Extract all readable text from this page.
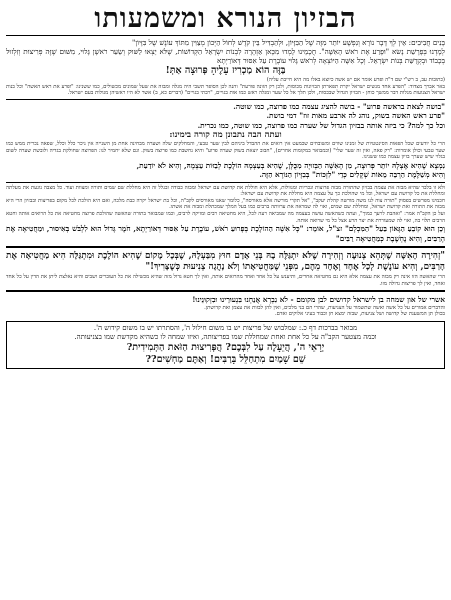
הבזיון הנורא ומשמעותו

בָּנִים חֲבִיבִים: אֵין לְךָ דָּבָר נוֹרָא וְנִפְשָׁע יוֹתֵר מִזֶּה שֶׁל הַבִּזָּיוֹן, וּלְהַבְדִּיל בֵּין קֹדֶשׁ לְחוֹל הַיְּכוֹן מְצַוִּין מִתּוֹךְ עוֹנֶשׁ שֶׁל בִּזָּיוֹן"

לְמָדְנוּ בְּפָרָשַׁת נָשׂא "וּפָרַע אֶת רֹאשׁ הָאִשָּׁה". חֲכָמֵינוּ לָמְדוּ מִכָּאן אַזְהָרָה לִבְנוֹת יִשְׂרָאֵל הַקְּדוֹשׁוֹת, שֶׁלֹּא יֵצְאוּ לַשּׁוּק וְשֵׂעַר רֹאשָׁן גָּלוּי, מִשּׁוּם שֶׁזֶּה פְּרִיצוּת וְזִלְזוּל בְּכָבוֹד וּבְקְדֻשַּׁת בְּנוֹת יִשְׂרָאֵל. וְכָל אִשָּׁה הַיּוֹצְאָה לְרֹאשׁ גָּלוּי עוֹבֶרֶת עַל אִסּוּר דְּאוֹרַיְתָא

בַּזֶּה הוֹא מַכְרִיז עָלֶיהָ פְּרוּצָה אַתְּ!

(כתובות עב, ב רש"י שם ד"ה ופרע אומר אם יש אשה כיוצא באלו מה היא חייבת עליה)

באר אברך מצדוד: "הפרע אחד מנשים ישראל יקרת תפארתן הבזיונות מכוסות, ולכן רק הזונה פורעת" והנה לכן הסופר תשבי היה מגלה ומבזה את שעל שמונים מכשולים, כמו ששנינו: "ופרע את ראש האשה" וכל בנות ישראל הצנועות מגלות דבר ממשך כוחן - הבזיון הגדול שבכסות, ולכן תלך אל כל שער ומגלה ראש כמו אות בגויים, "רבתי בגויים" (דברים כא, ב) אשר לא היו ראשיהן מגולות בעם ישראל.

"בושה לצאת בראשה פרוע" - בושה להציג עצמה כמו פרוצה, כמו שוטה.

"פרע ראש האשה בשוק, נוהג לה ארבע מאות זוז" דמי בושת.

וכל כך למה? כי ביזה אותה בבזיון הגדול של שערה כמו פרוצה, כמו שוטה, כמו נכרית.

ועתה הבה נתבונן מה קורה בימינו:

הרי כל יודעים שכל הפאות הסינטטיות של זמנינו שווים ומשובחים שכמעט אין רואים את ההבדל ביניהם לבין שער טבעי, והמחלקים שלה ושערה מבחינה אחת מן השנייה אין ניכר כלל וכלל, שפאה נכרית ממש כמו שער טבעי וכולן אומרות: "רק פאה, ואין זה שער שלי" (וכמבואר במקומות אחרים), "חבוב יוצאת בשוק שערה פרוע" והיא נחשבת כמו פרוצה בשוק. וגם שלא יחמיר לנו: הפרוצה שחולקת בגדיה ולובשת שערה לשום בגלוי שיש שערך בזיון עצמה כמו ששנינו.

נִמְצָא שֶׁהִיא אֶצְלָהּ יוֹתֵר פְּרוּצָה, מִן הָאִשָּׁה הַבְּזוּיָה מִכֻּלָּן, שֶׁהִיא בְּעַצְמָהּ הוֹלֶכֶת לְבַזּוֹת עַצְמָהּ, וְהִיא לֹא יוֹדַעַת,

וְהִיא מְשַׁלֶּמֶת הַרְבֵּה מֵאוֹת שְׁקָלִים כְּדֵי "לִזְכּוֹת" בְּבִזָּיוֹן הַנּוֹרָא הַזֶּה.

ולא זו בלבד שהיא מבזה את עצמה בבזיון שהתורה מבזה פרוצות ונכריות ומנוולות, אלא היא חוללת את קדושת עם ישראל ומבזה כבודה ובגלל זה היא מחללת שם שמים ותורה ומצוות ועוד. כל מצבה נוגעת את מעלתה ומחללת את כל קדושת עם ישראל, וכל מי שהולכת כך על עצמה היא מחללת את קדושת עם ישראל:

חכמינו מפרשים בפסוק "תורה צוה לנו משה מורשה קהלת יעקב", "אל תקרי מורשה אלא מאורסה", כלומר שאנו מאורסים לקב"ה, וכל בת ישראל יקרה כבת מלכה, ואם היא הולכת לכל מקום בפריצות ובבזיון הרי היא מבזה את התורה ואת קדושת ישראל, ומחללת שם שמים, ואוי לה שמראה את ערוותה ברבים כמו בעל המלך שמכתלת ומבזה את אשתו.

ועל כן הקב"ה אמר: "ואהבת לרעך כמוך", ועתה כשהאשה עושה בעצמה מה שמביאה רעה לכל, היא מחטיאה רבים ומזיקה לרבים, וכמו שמבואר בתורה שהאשה שהולכת פרוצה מחטיאה את כל הרואים אותה וחטא הרבים תלוי בה, ואוי לה שמעוררת את יצר הרע אצל כל מי שרואה אותה.

וְכֵן הוּא קוֹבֵעַ הַגָּאוֹן בַּעַל "הַמִּכְלָם" זצ"ל, אוֹמֵר: "כָּל אִשָּׁה הַהוֹלֶכֶת בְּפָרוּעַ רֹאשׁ, עוֹבֶרֶת עַל אִסּוּר דְּאוֹרַיְתָא, חֹמֶר גָּדוֹל הוּא לִלְבֹּשׁ בְּאִיסוּר, וּמַחֲטִיאָה אֶת הָרַבִּים, וְהִיא נֶחְשֶׁבֶת כְּמַחֲטִיאָה רַבִּים"

"זְהִירָה הָאִשָּׁה שֶׁתְּהֵא צְנוּעָה וְזְהִירָה שֶׁלֹּא יִתְגַּלֶּה בָהּ בְּנֵי אָדָם חוּץ מִבַּעְלָהּ, שֶׁבְּכָל מָקוֹם שֶׁהִיא הוֹלֶכֶת וּמִתְגַּלָּה הִיא מַחֲטִיאָה אֶת הָרַבִּים, וְהִיא עוֹנֶשֶׁת לְכָל אֶחָד וְאֶחָד מֵהֶם, מִפְּנֵי שֶׁמַּחֲטִיאָתוֹ וְלֹא נָהֲגָה צְנִיעוּת כְּשֶׁצָּרִיךְ!"

הרי שהאשה הזו אינה רק מבזה את עצמה אלא היא גם מחטיאה אחרים, ותיענש על כל אחד ואחד מהרואים אותה, ואין לך חטא גדול מזה שהיא מכשילה את כל העוברים ושבים והיא נאלצת ליתן את הדין על כל אחד ואחד, ואין לך פריצות גדולה מזו.

אשרי של און שמחה בן לישראל קדושים לבן מקומם - לֹא נִבְרָא אֲנַחְנוּ בִּנְעוּרֵינוּ וּבִזְקוּנֵינוּ!

והדברים אמורים על כל אשה ואשה שתשמור על הצניעות, שהרי הם בני מלכים, ואין להן לבזות את עצמן ואת קדושתן.

בכולן תן המשענת של קדושה ושל צניעות, שבזה ימצא חן וכבוד בעיני אלוקים ואדם.

מבואר בברכות דף כ.: שמלבוש של פריצות יש בו משום חילול ה', והסתרתו יש בו משום קידוש ה'.

וכמה מצטער הקב"ה על כל אחת ואחת שמחללת שמו בפריצותה, ואיזו שמחה לו כשהיא מקדשת שמו בצניעותה.

יְרָאֵי ה', הֲיֵעָלֶה עַל לִבְּכֶם? הֲפְּרִיצוּת הַזֹּאת הַתְּמִידִית?

שֵׁם שָׁמַיִם מִתְחַלֵּל בָּרַבִּים! וְאַתֶּם מַחְשִׁים??
